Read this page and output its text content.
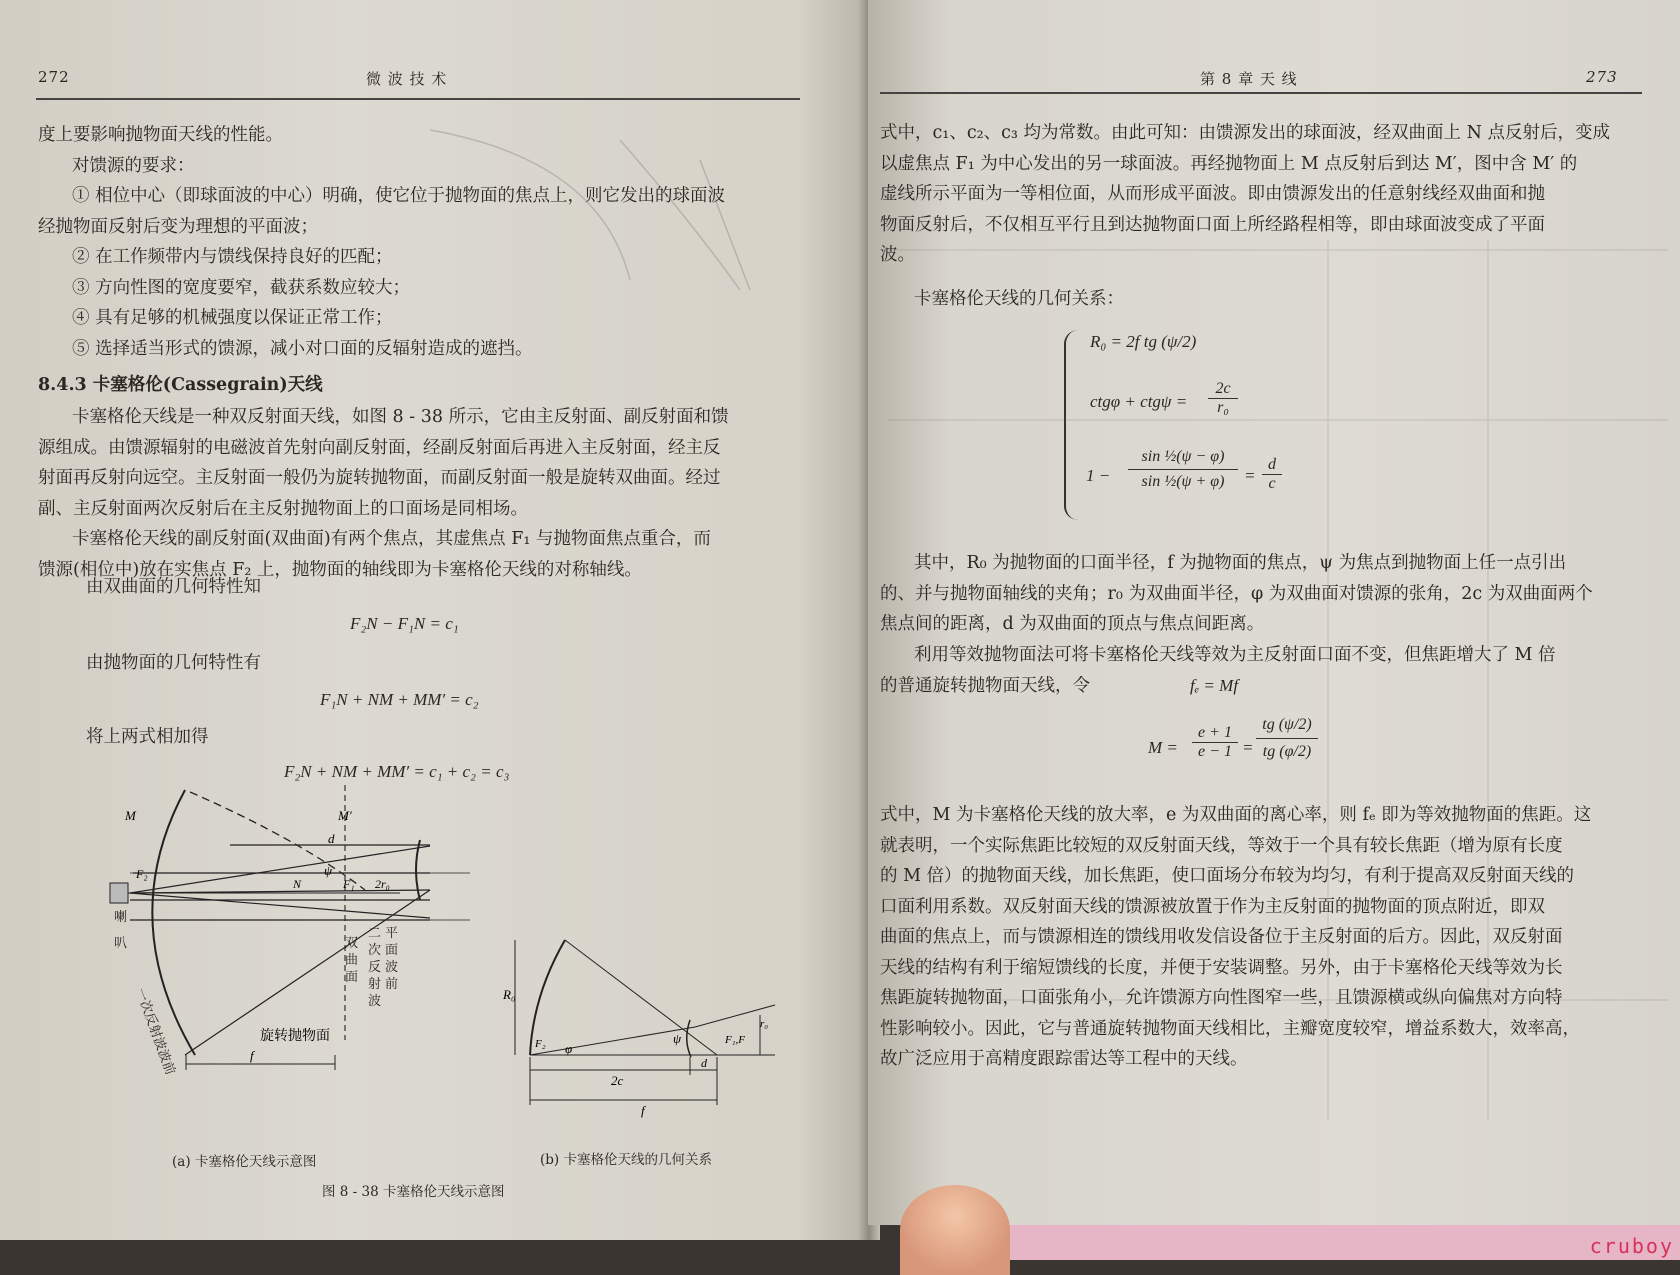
272	微 波 技 术
度上要影响抛物面天线的性能。
对馈源的要求：
① 相位中心（即球面波的中心）明确，使它位于抛物面的焦点上，则它发出的球面波
经抛物面反射后变为理想的平面波；
② 在工作频带内与馈线保持良好的匹配；
③ 方向性图的宽度要窄，截获系数应较大；
④ 具有足够的机械强度以保证正常工作；
⑤ 选择适当形式的馈源，减小对口面的反辐射造成的遮挡。
8.4.3 卡塞格伦(Cassegrain)天线
卡塞格伦天线是一种双反射面天线，如图 8 - 38 所示，它由主反射面、副反射面和馈
源组成。由馈源辐射的电磁波首先射向副反射面，经副反射面后再进入主反射面，经主反
射面再反射向远空。主反射面一般仍为旋转抛物面，而副反射面一般是旋转双曲面。经过
副、主反射面两次反射后在主反射抛物面上的口面场是同相场。
卡塞格伦天线的副反射面(双曲面)有两个焦点，其虚焦点 F₁ 与抛物面焦点重合，而
馈源(相位中)放在实焦点 F₂ 上，抛物面的轴线即为卡塞格伦天线的对称轴线。
由双曲面的几何特性知
F₂N − F₁N = c₁
由抛物面的几何特性有
F₁N + NM + MM′ = c₂
将上两式相加得
F₂N + NM + MM′ = c₁ + c₂ = c₃
M	M′
d
F₂
N
ψ
F₁ 2r₀
旋转抛物面
f
喇
叭	双
曲
面
二
次
反
射
波
平
面
波
前
一次反射波波前
(a) 卡塞格伦天线示意图
R₀
φ
ψ	F₁,F
r₀
d
2c
f
F₂
(b) 卡塞格伦天线的几何关系
图 8 - 38 卡塞格伦天线示意图
第 8 章 天 线	273
式中，c₁、c₂、c₃ 均为常数。由此可知：由馈源发出的球面波，经双曲面上 N 点反射后，变成
以虚焦点 F₁ 为中心发出的另一球面波。再经抛物面上 M 点反射后到达 M′，图中含 M′ 的
虚线所示平面为一等相位面，从而形成平面波。即由馈源发出的任意射线经双曲面和抛
物面反射后，不仅相互平行且到达抛物面口面上所经路程相等，即由球面波变成了平面
波。
卡塞格伦天线的几何关系：
R₀ = 2f tg (ψ/2)
$ctg\varphi + ctg\psi = \frac{2c}{\text{r₀}}$
$1 - \frac{\text{sin ½(ψ − φ)}}{\text{sin ½(ψ + φ)}} = \frac{d}{c}$
其中，R₀ 为抛物面的口面半径，f 为抛物面的焦点，ψ 为焦点到抛物面上任一点引出
的、并与抛物面轴线的夹角；r₀ 为双曲面半径，φ 为双曲面对馈源的张角，2c 为双曲面两个
焦点间的距离，d 为双曲面的顶点与焦点间距离。
利用等效抛物面法可将卡塞格伦天线等效为主反射面口面不变，但焦距增大了 M 倍
的普通旋转抛物面天线，令	fₑ = Mf
$M = \frac{e + 1}{e - 1} = \frac{tg (\psi/2)}{tg (\varphi/2)}$
式中，M 为卡塞格伦天线的放大率，e 为双曲面的离心率，则 fₑ 即为等效抛物面的焦距。这
就表明，一个实际焦距比较短的双反射面天线，等效于一个具有较长焦距（增为原有长度
的 M 倍）的抛物面天线，加长焦距，使口面场分布较为均匀，有利于提高双反射面天线的
口面利用系数。双反射面天线的馈源被放置于作为主反射面的抛物面的顶点附近，即双
曲面的焦点上，而与馈源相连的馈线用收发信设备位于主反射面的后方。因此，双反射面
天线的结构有利于缩短馈线的长度，并便于安装调整。另外，由于卡塞格伦天线等效为长
焦距旋转抛物面，口面张角小，允许馈源方向性图窄一些，且馈源横或纵向偏焦对方向特
性影响较小。因此，它与普通旋转抛物面天线相比，主瓣宽度较窄，增益系数大，效率高，
故广泛应用于高精度跟踪雷达等工程中的天线。
cruboy
